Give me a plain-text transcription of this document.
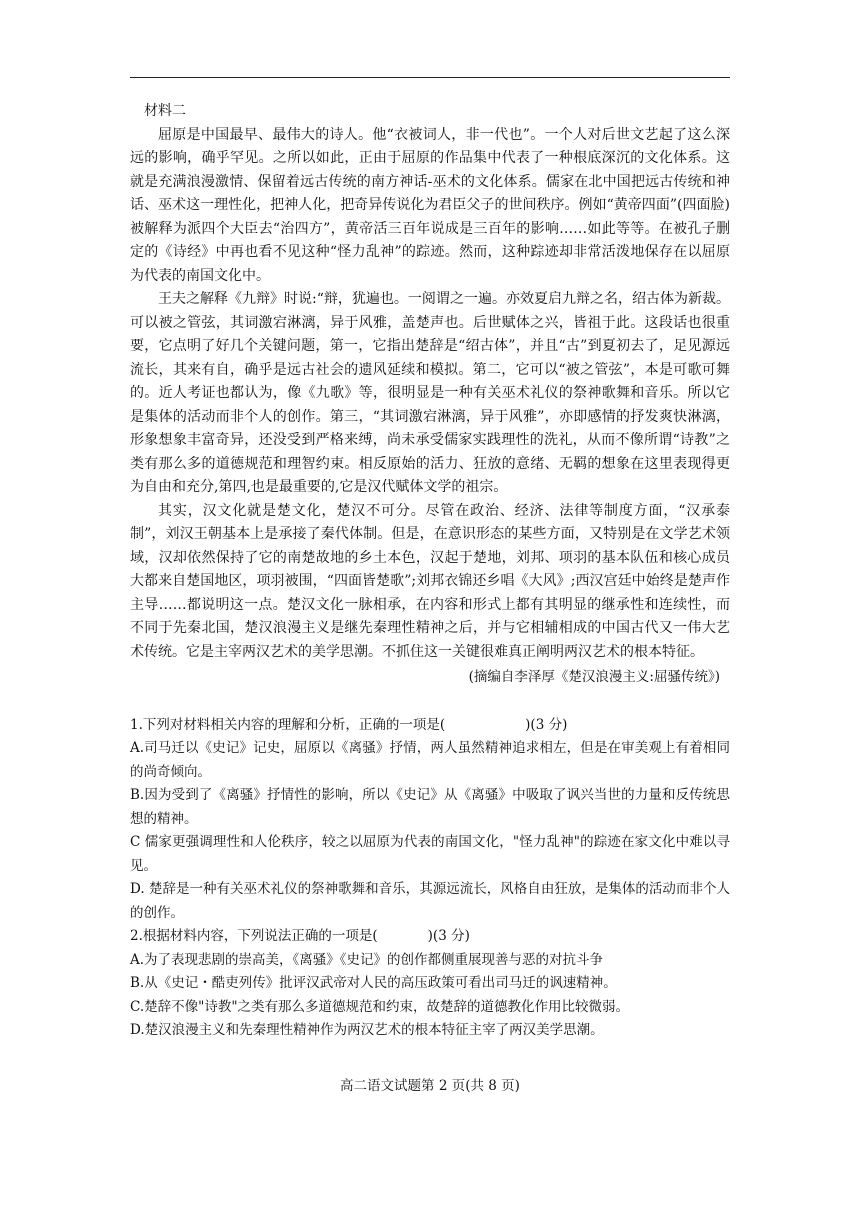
材料二

屈原是中国最早、最伟大的诗人。他“衣被词人，非一代也”。一个人对后世文艺起了这么深远的影响，确乎罕见。之所以如此，正由于屈原的作品集中代表了一种根底深沉的文化体系。这就是充满浪漫激情、保留着远古传统的南方神话-巫术的文化体系。儒家在北中国把远古传统和神话、巫术这一理性化，把神人化，把奇异传说化为君臣父子的世间秩序。例如“黄帝四面”(四面脸)被解释为派四个大臣去“治四方”，黄帝活三百年说成是三百年的影响……如此等等。在被孔子删定的《诗经》中再也看不见这种“怪力乱神”的踪迹。然而，这种踪迹却非常活泼地保存在以屈原为代表的南国文化中。

王夫之解释《九辩》时说:“辩，犹遍也。一阅谓之一遍。亦效夏启九辩之名，绍古体为新裁。可以被之管弦，其词激宕淋漓，异于风雅，盖楚声也。后世赋体之兴，皆祖于此。这段话也很重要，它点明了好几个关键问题，第一，它指出楚辞是“绍古体”，并且“古”到夏初去了，足见源远流长，其来有自，确乎是远古社会的遗风延续和模拟。第二，它可以“被之管弦”，本是可歌可舞的。近人考证也都认为，像《九歌》等，很明显是一种有关巫术礼仪的祭神歌舞和音乐。所以它是集体的活动而非个人的创作。第三，“其词激宕淋漓，异于风雅”，亦即感情的抒发爽快淋漓，形象想象丰富奇异，还没受到严格来缚，尚未承受儒家实践理性的洗礼，从而不像所谓“诗教”之类有那么多的道德规范和理智约束。相反原始的活力、狂放的意绪、无羁的想象在这里表现得更为自由和充分,第四,也是最重要的,它是汉代赋体文学的祖宗。

其实，汉文化就是楚文化，楚汉不可分。尽管在政治、经济、法律等制度方面，“汉承泰制”，刘汉王朝基本上是承接了秦代体制。但是，在意识形态的某些方面，又特别是在文学艺术领域，汉却依然保持了它的南楚故地的乡土本色，汉起于楚地，刘邦、项羽的基本队伍和核心成员大都来自楚国地区，项羽被围，“四面皆楚歌”;刘邦衣锦还乡唱《大风》;西汉宫廷中始终是楚声作主导……都说明这一点。楚汉文化一脉相承，在内容和形式上都有其明显的继承性和连续性，而不同于先秦北国，楚汉浪漫主义是继先秦理性精神之后，并与它相辅相成的中国古代又一伟大艺术传统。它是主宰两汉艺术的美学思潮。不抓住这一关键很难真正阐明两汉艺术的根本特征。

(摘编自李泽厚《楚汉浪漫主义:屈骚传统》)

1.下列对材料相关内容的理解和分析，正确的一项是(	)(3 分)

A.司马迁以《史记》记史，屈原以《离骚》抒情，两人虽然精神追求相左，但是在审美观上有着相同的尚奇倾向。

B.因为受到了《离骚》抒情性的影响，所以《史记》从《离骚》中吸取了讽兴当世的力量和反传统思想的精神。

C 儒家更强调理性和人伦秩序，较之以屈原为代表的南国文化，"怪力乱神"的踪迹在家文化中难以寻见。

D. 楚辞是一种有关巫术礼仪的祭神歌舞和音乐，其源远流长，风格自由狂放，是集体的活动而非个人的创作。

2.根据材料内容，下列说法正确的一项是(	)(3 分)

A.为了表现悲剧的崇高美，《离骚》《史记》的创作都侧重展现善与恶的对抗斗争

B.从《史记・酷吏列传》批评汉武帝对人民的高压政策可看出司马迁的讽速精神。

C.楚辞不像"诗教"之类有那么多道德规范和约束，故楚辞的道德教化作用比较微弱。

D.楚汉浪漫主义和先秦理性精神作为两汉艺术的根本特征主宰了两汉美学思潮。

高二语文试题第 2 页(共 8 页)
